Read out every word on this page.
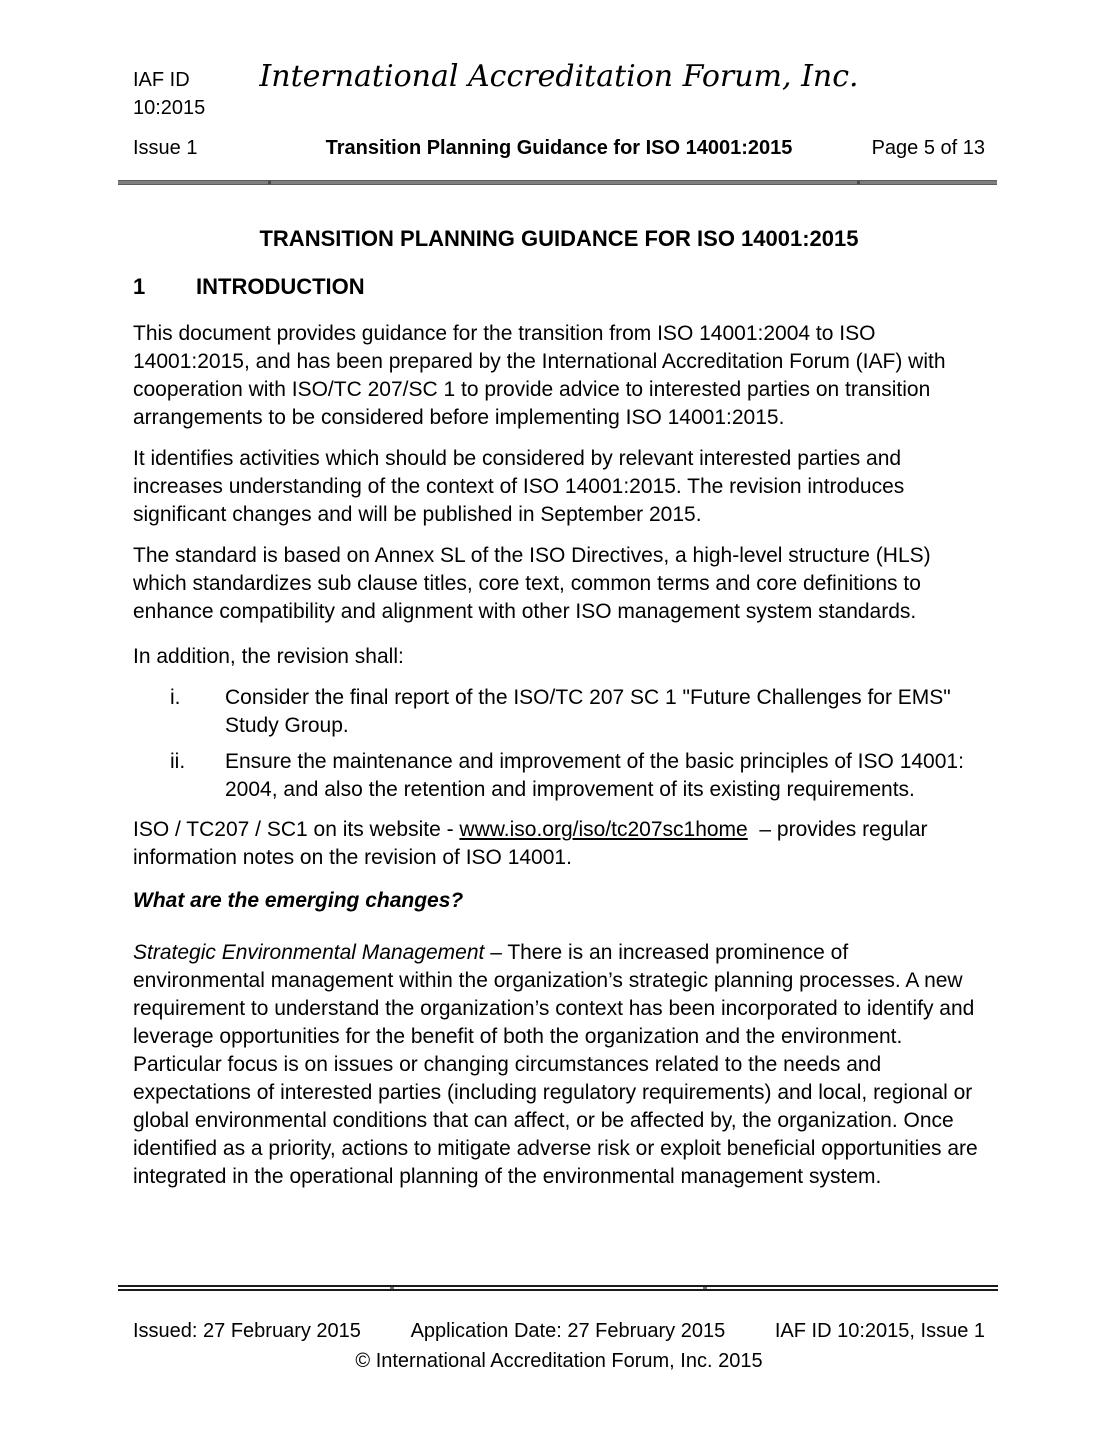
IAF ID 10:2015
International Accreditation Forum, Inc.
Issue 1	Transition Planning Guidance for ISO 14001:2015	Page 5 of 13
TRANSITION PLANNING GUIDANCE FOR ISO 14001:2015
1	INTRODUCTION

This document provides guidance for the transition from ISO 14001:2004 to ISO 14001:2015, and has been prepared by the International Accreditation Forum (IAF) with cooperation with ISO/TC 207/SC 1 to provide advice to interested parties on transition arrangements to be considered before implementing ISO 14001:2015.

It identifies activities which should be considered by relevant interested parties and increases understanding of the context of ISO 14001:2015. The revision introduces significant changes and will be published in September 2015.

The standard is based on Annex SL of the ISO Directives, a high-level structure (HLS) which standardizes sub clause titles, core text, common terms and core definitions to enhance compatibility and alignment with other ISO management system standards.

In addition, the revision shall:

i.	Consider the final report of the ISO/TC 207 SC 1 "Future Challenges for EMS" Study Group.
ii.	Ensure the maintenance and improvement of the basic principles of ISO 14001: 2004, and also the retention and improvement of its existing requirements.

ISO / TC207 / SC1 on its website - www.iso.org/iso/tc207sc1home  – provides regular information notes on the revision of ISO 14001.

What are the emerging changes?

Strategic Environmental Management – There is an increased prominence of environmental management within the organization’s strategic planning processes. A new requirement to understand the organization’s context has been incorporated to identify and leverage opportunities for the benefit of both the organization and the environment. Particular focus is on issues or changing circumstances related to the needs and expectations of interested parties (including regulatory requirements) and local, regional or global environmental conditions that can affect, or be affected by, the organization. Once identified as a priority, actions to mitigate adverse risk or exploit beneficial opportunities are integrated in the operational planning of the environmental management system.

Issued: 27 February 2015 Application Date: 27 February 2015 IAF ID 10:2015, Issue 1
© International Accreditation Forum, Inc. 2015
